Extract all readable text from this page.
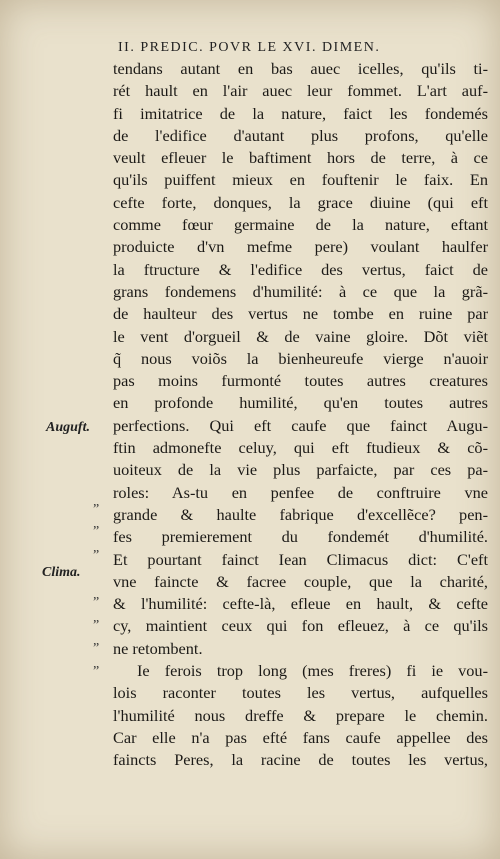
II. PREDIC. POVR LE XVI. DIMEN.
tendans autant en bas auec icelles, qu'ils ti-
rét hault en l'air auec leur fommet. L'art auf-
fi imitatrice de la nature, faict les fondemés
de l'edifice d'autant plus profons, qu'elle
veult efleuer le baftiment hors de terre, à ce
qu'ils puiffent mieux en fouftenir le faix. En
cefte forte, donques, la grace diuine (qui eft
comme fœur germaine de la nature, eftant
produicte d'vn mefme pere) voulant haulfer
la ftructure & l'edifice des vertus, faict de
grans fondemens d'humilité: à ce que la grã-
de haulteur des vertus ne tombe en ruine par
le vent d'orgueil & de vaine gloire. Dõt viẽt
q̃ nous voiõs la bienheureufe vierge n'auoir
pas moins furmonté toutes autres creatures
en profonde humilité, qu'en toutes autres
perfections. Qui eft caufe que fainct Augu-
ftin admonefte celuy, qui eft ftudieux & cõ-
uoiteux de la vie plus parfaicte, par ces pa-
roles: As-tu en penfee de conftruire vne
grande & haulte fabrique d'excellẽce? pen-
fes premierement du fondemét d'humilité.
Et pourtant fainct Iean Climacus dict: C'eft
vne faincte & facree couple, que la charité,
& l'humilité: cefte-là, efleue en hault, & cefte
cy, maintient ceux qui fon efleuez, à ce qu'ils
ne retombent.
Ie ferois trop long (mes freres) fi ie vou-
lois raconter toutes les vertus, aufquelles
l'humilité nous dreffe & prepare le chemin.
Car elle n'a pas efté fans caufe appellee des
faincts Peres, la racine de toutes les vertus,
Auguft.
Clima.
”
”
”
”
”
”
”
